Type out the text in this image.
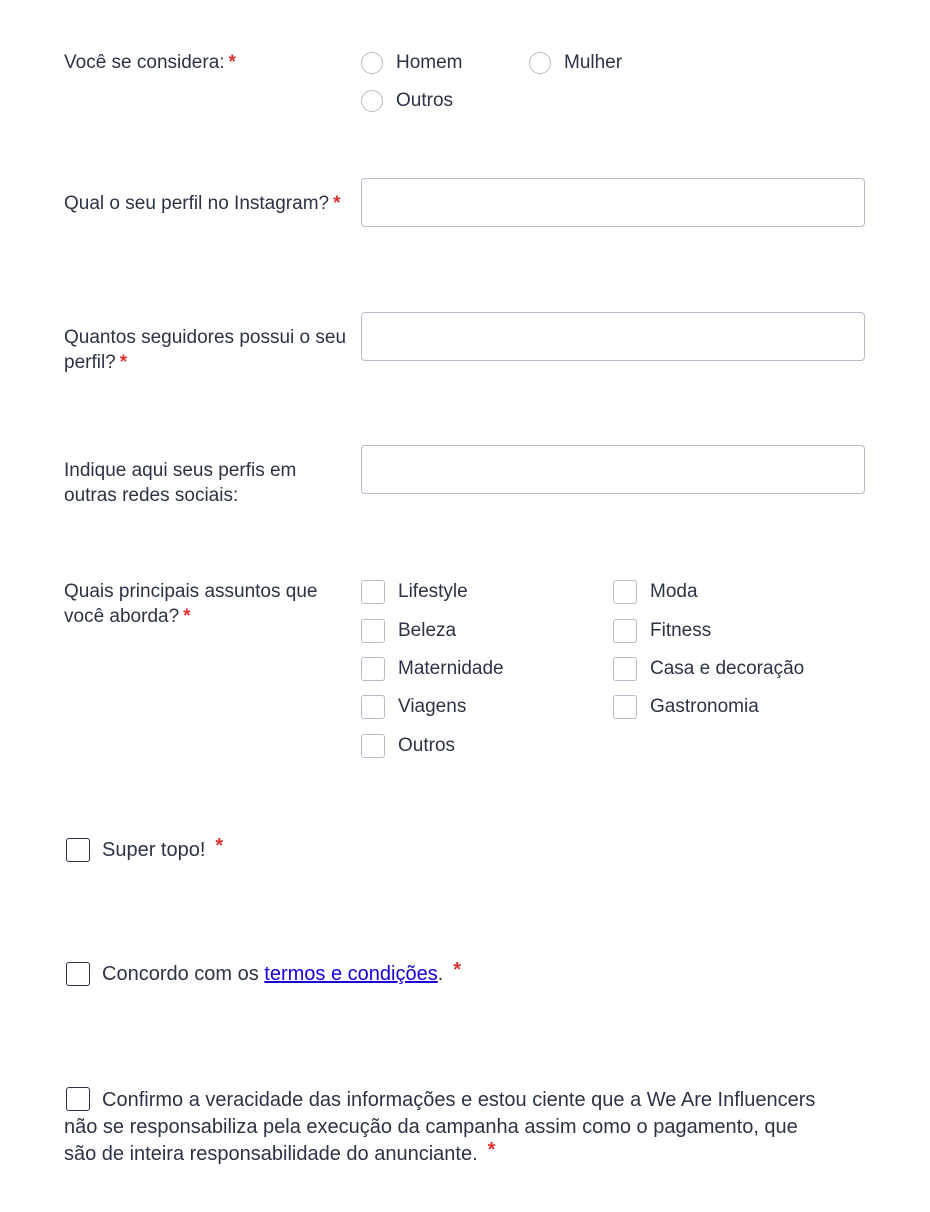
Você se considera: *	Homem	Mulher
Outros
Qual o seu perfil no Instagram? *
Quantos seguidores possui o seu perfil? *
Indique aqui seus perfis em outras redes sociais:
Quais principais assuntos que você aborda? *
Lifestyle	Moda
Beleza	Fitness
Maternidade	Casa e decoração
Viagens	Gastronomia
Outros
Super topo! *
Concordo com os termos e condições . *
Confirmo a veracidade das informações e estou ciente que a We Are Influencers não se responsabiliza pela execução da campanha assim como o pagamento, que são de inteira responsabilidade do anunciante. *
